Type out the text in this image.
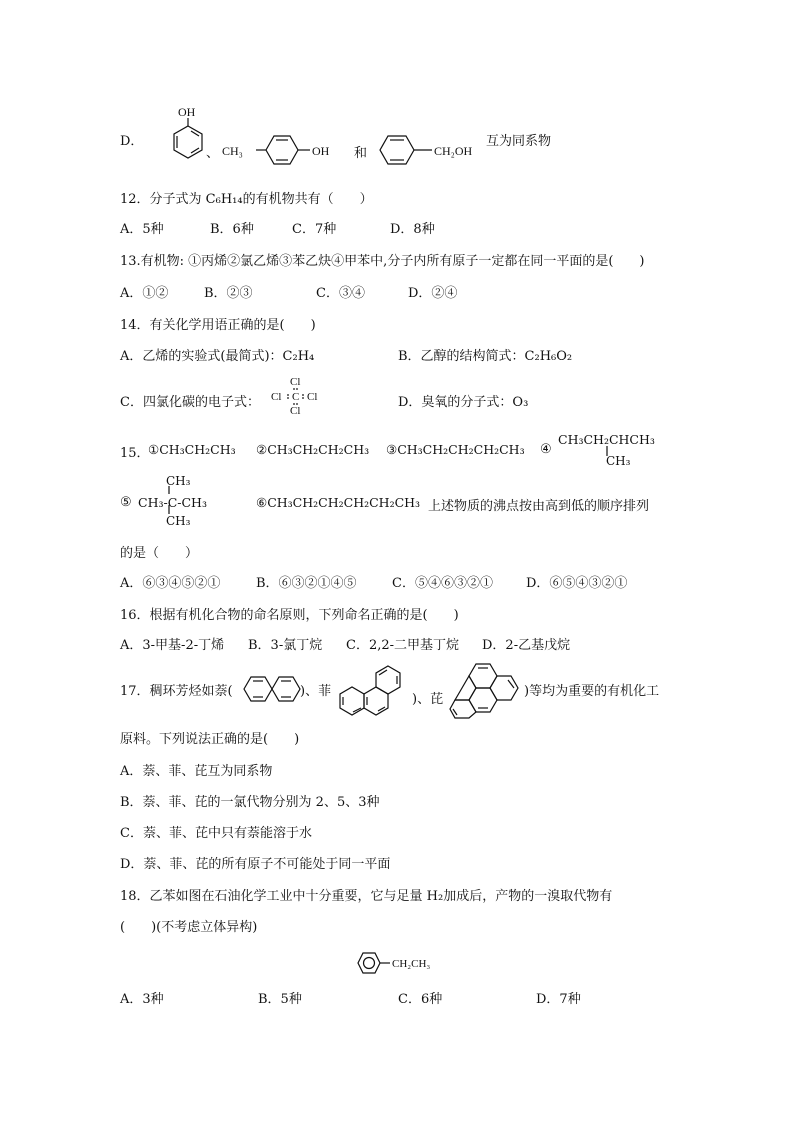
D．
OH
、 CH₃	OH 和	CH₂OH
互为同系物
12．分子式为 C₆H₁₄的有机物共有（　　）
A．5种	B．6种	C．7种	D．8种
13.有机物: ①丙烯②氯乙烯③苯乙炔④甲苯中,分子内所有原子一定都在同一平面的是(　　)
A．①②	B．②③	C．③④	D．②④
14．有关化学用语正确的是(　　)
A．乙烯的实验式(最简式)：C₂H₄	B．乙醇的结构简式：C₂H₆O₂
C．四氯化碳的电子式：
Cl
Cl C Cl
Cl
D．臭氧的分子式：O₃
15．
①CH₃CH₂CH₃ ②CH₃CH₂CH₂CH₃ ③CH₃CH₂CH₂CH₂CH₃ ④
CH₃CH₂CHCH₃
CH₃
CH₃
⑤ CH₃-C-CH₃
CH₃
⑥CH₃CH₂CH₂CH₂CH₂CH₃ 上述物质的沸点按由高到低的顺序排列
的是（　　）
A．⑥③④⑤②①	B．⑥③②①④⑤	C．⑤④⑥③②①	D．⑥⑤④③②①
16．根据有机化合物的命名原则，下列命名正确的是(　　)
A．3-甲基-2-丁烯 B．3-氯丁烷 C．2,2-二甲基丁烷 D．2-乙基戊烷
17．稠环芳烃如萘(	)、菲
)、芘
)等均为重要的有机化工
原料。下列说法正确的是(　　)
A．萘、菲、芘互为同系物
B．萘、菲、芘的一氯代物分别为 2、5、3种
C．萘、菲、芘中只有萘能溶于水
D．萘、菲、芘的所有原子不可能处于同一平面
18．乙苯如图在石油化学工业中十分重要，它与足量 H₂加成后，产物的一溴取代物有
(　　)(不考虑立体异构)
CH₂CH₃
A．3种	B．5种	C．6种	D．7种
